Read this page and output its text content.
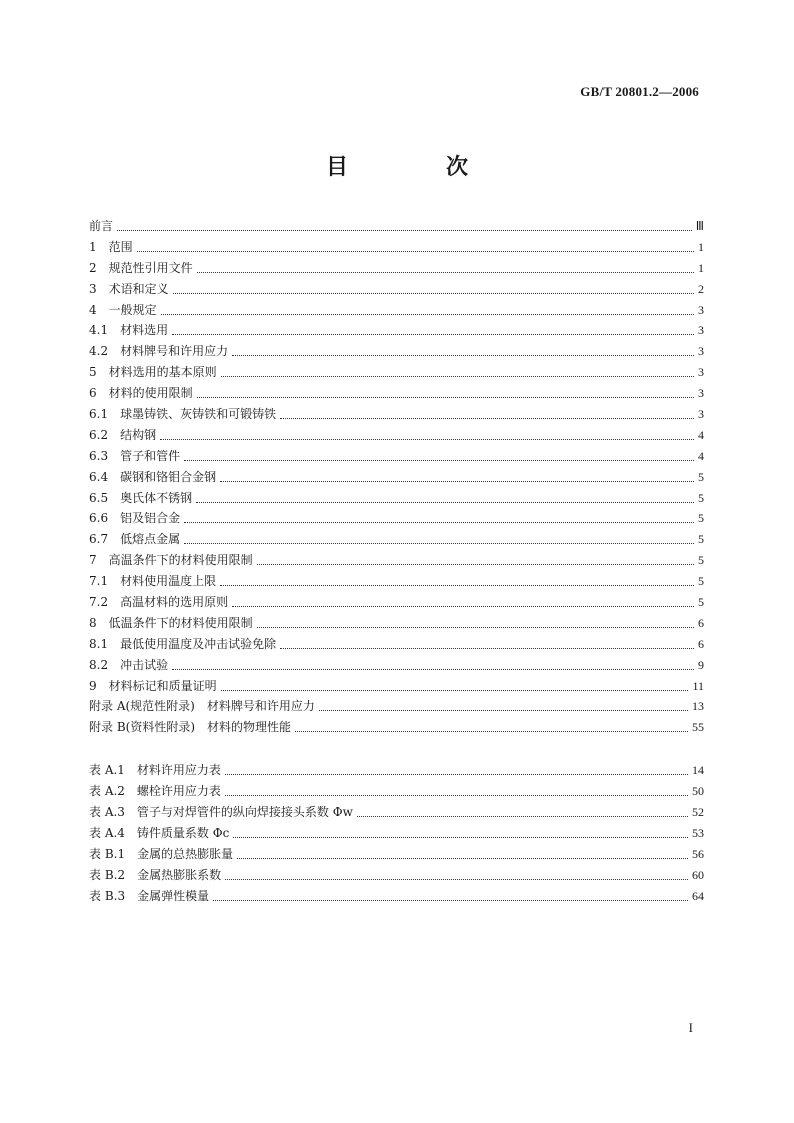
GB/T 20801.2—2006
目　次
前言	Ⅲ
1　范围	1
2　规范性引用文件	1
3　术语和定义	2
4　一般规定	3
4.1　材料选用	3
4.2　材料牌号和许用应力	3
5　材料选用的基本原则	3
6　材料的使用限制	3
6.1　球墨铸铁、灰铸铁和可锻铸铁	3
6.2　结构钢	4
6.3　管子和管件	4
6.4　碳钢和铬钼合金钢	5
6.5　奥氏体不锈钢	5
6.6　铝及铝合金	5
6.7　低熔点金属	5
7　高温条件下的材料使用限制	5
7.1　材料使用温度上限	5
7.2　高温材料的选用原则	5
8　低温条件下的材料使用限制	6
8.1　最低使用温度及冲击试验免除	6
8.2　冲击试验	9
9　材料标记和质量证明	11
附录 A(规范性附录)　材料牌号和许用应力	13
附录 B(资料性附录)　材料的物理性能	55
表 A.1　材料许用应力表	14
表 A.2　螺栓许用应力表	50
表 A.3　管子与对焊管件的纵向焊接接头系数 Φw	52
表 A.4　铸件质量系数 Φc	53
表 B.1　金属的总热膨胀量	56
表 B.2　金属热膨胀系数	60
表 B.3　金属弹性模量	64
I
